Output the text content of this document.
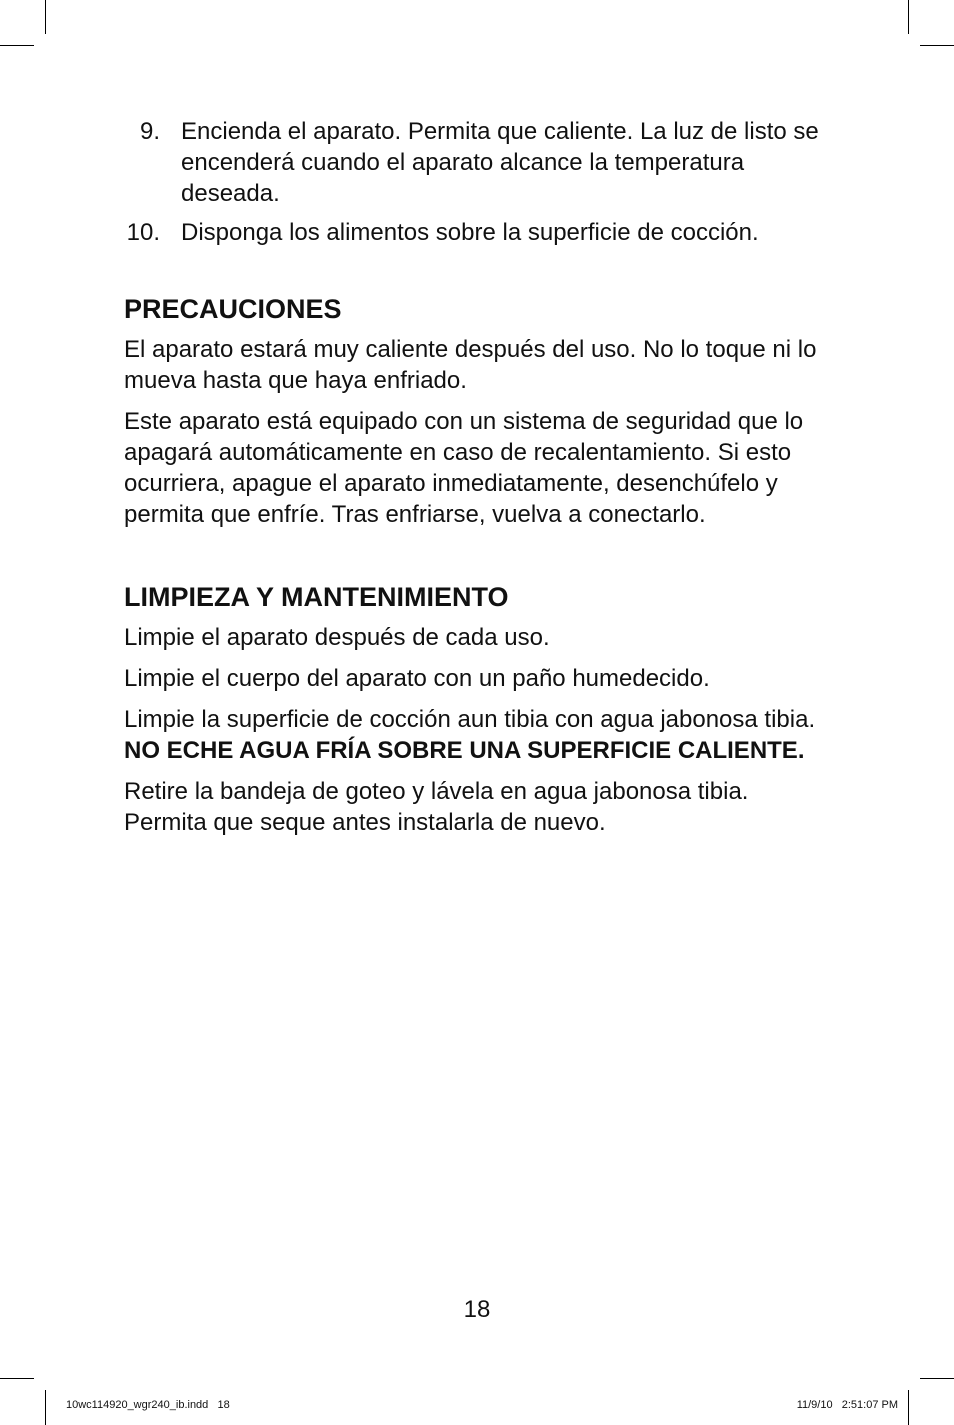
9. Encienda el aparato. Permita que caliente. La luz de listo se encenderá cuando el aparato alcance la temperatura deseada.
10. Disponga los alimentos sobre la superficie de cocción.
PRECAUCIONES

El aparato estará muy caliente después del uso. No lo toque ni lo mueva hasta que haya enfriado.

Este aparato está equipado con un sistema de seguridad que lo apagará automáticamente en caso de recalentamiento. Si esto ocurriera, apague el aparato inmediatamente, desenchúfelo y permita que enfríe. Tras enfriarse, vuelva a conectarlo.

LIMPIEZA Y MANTENIMIENTO

Limpie el aparato después de cada uso.

Limpie el cuerpo del aparato con un paño humedecido.

Limpie la superficie de cocción aun tibia con agua jabonosa tibia. NO ECHE AGUA FRÍA SOBRE UNA SUPERFICIE CALIENTE.

Retire la bandeja de goteo y lávela en agua jabonosa tibia. Permita que seque antes instalarla de nuevo.

18
10wc114920_wgr240_ib.indd   18	11/9/10   2:51:07 PM
